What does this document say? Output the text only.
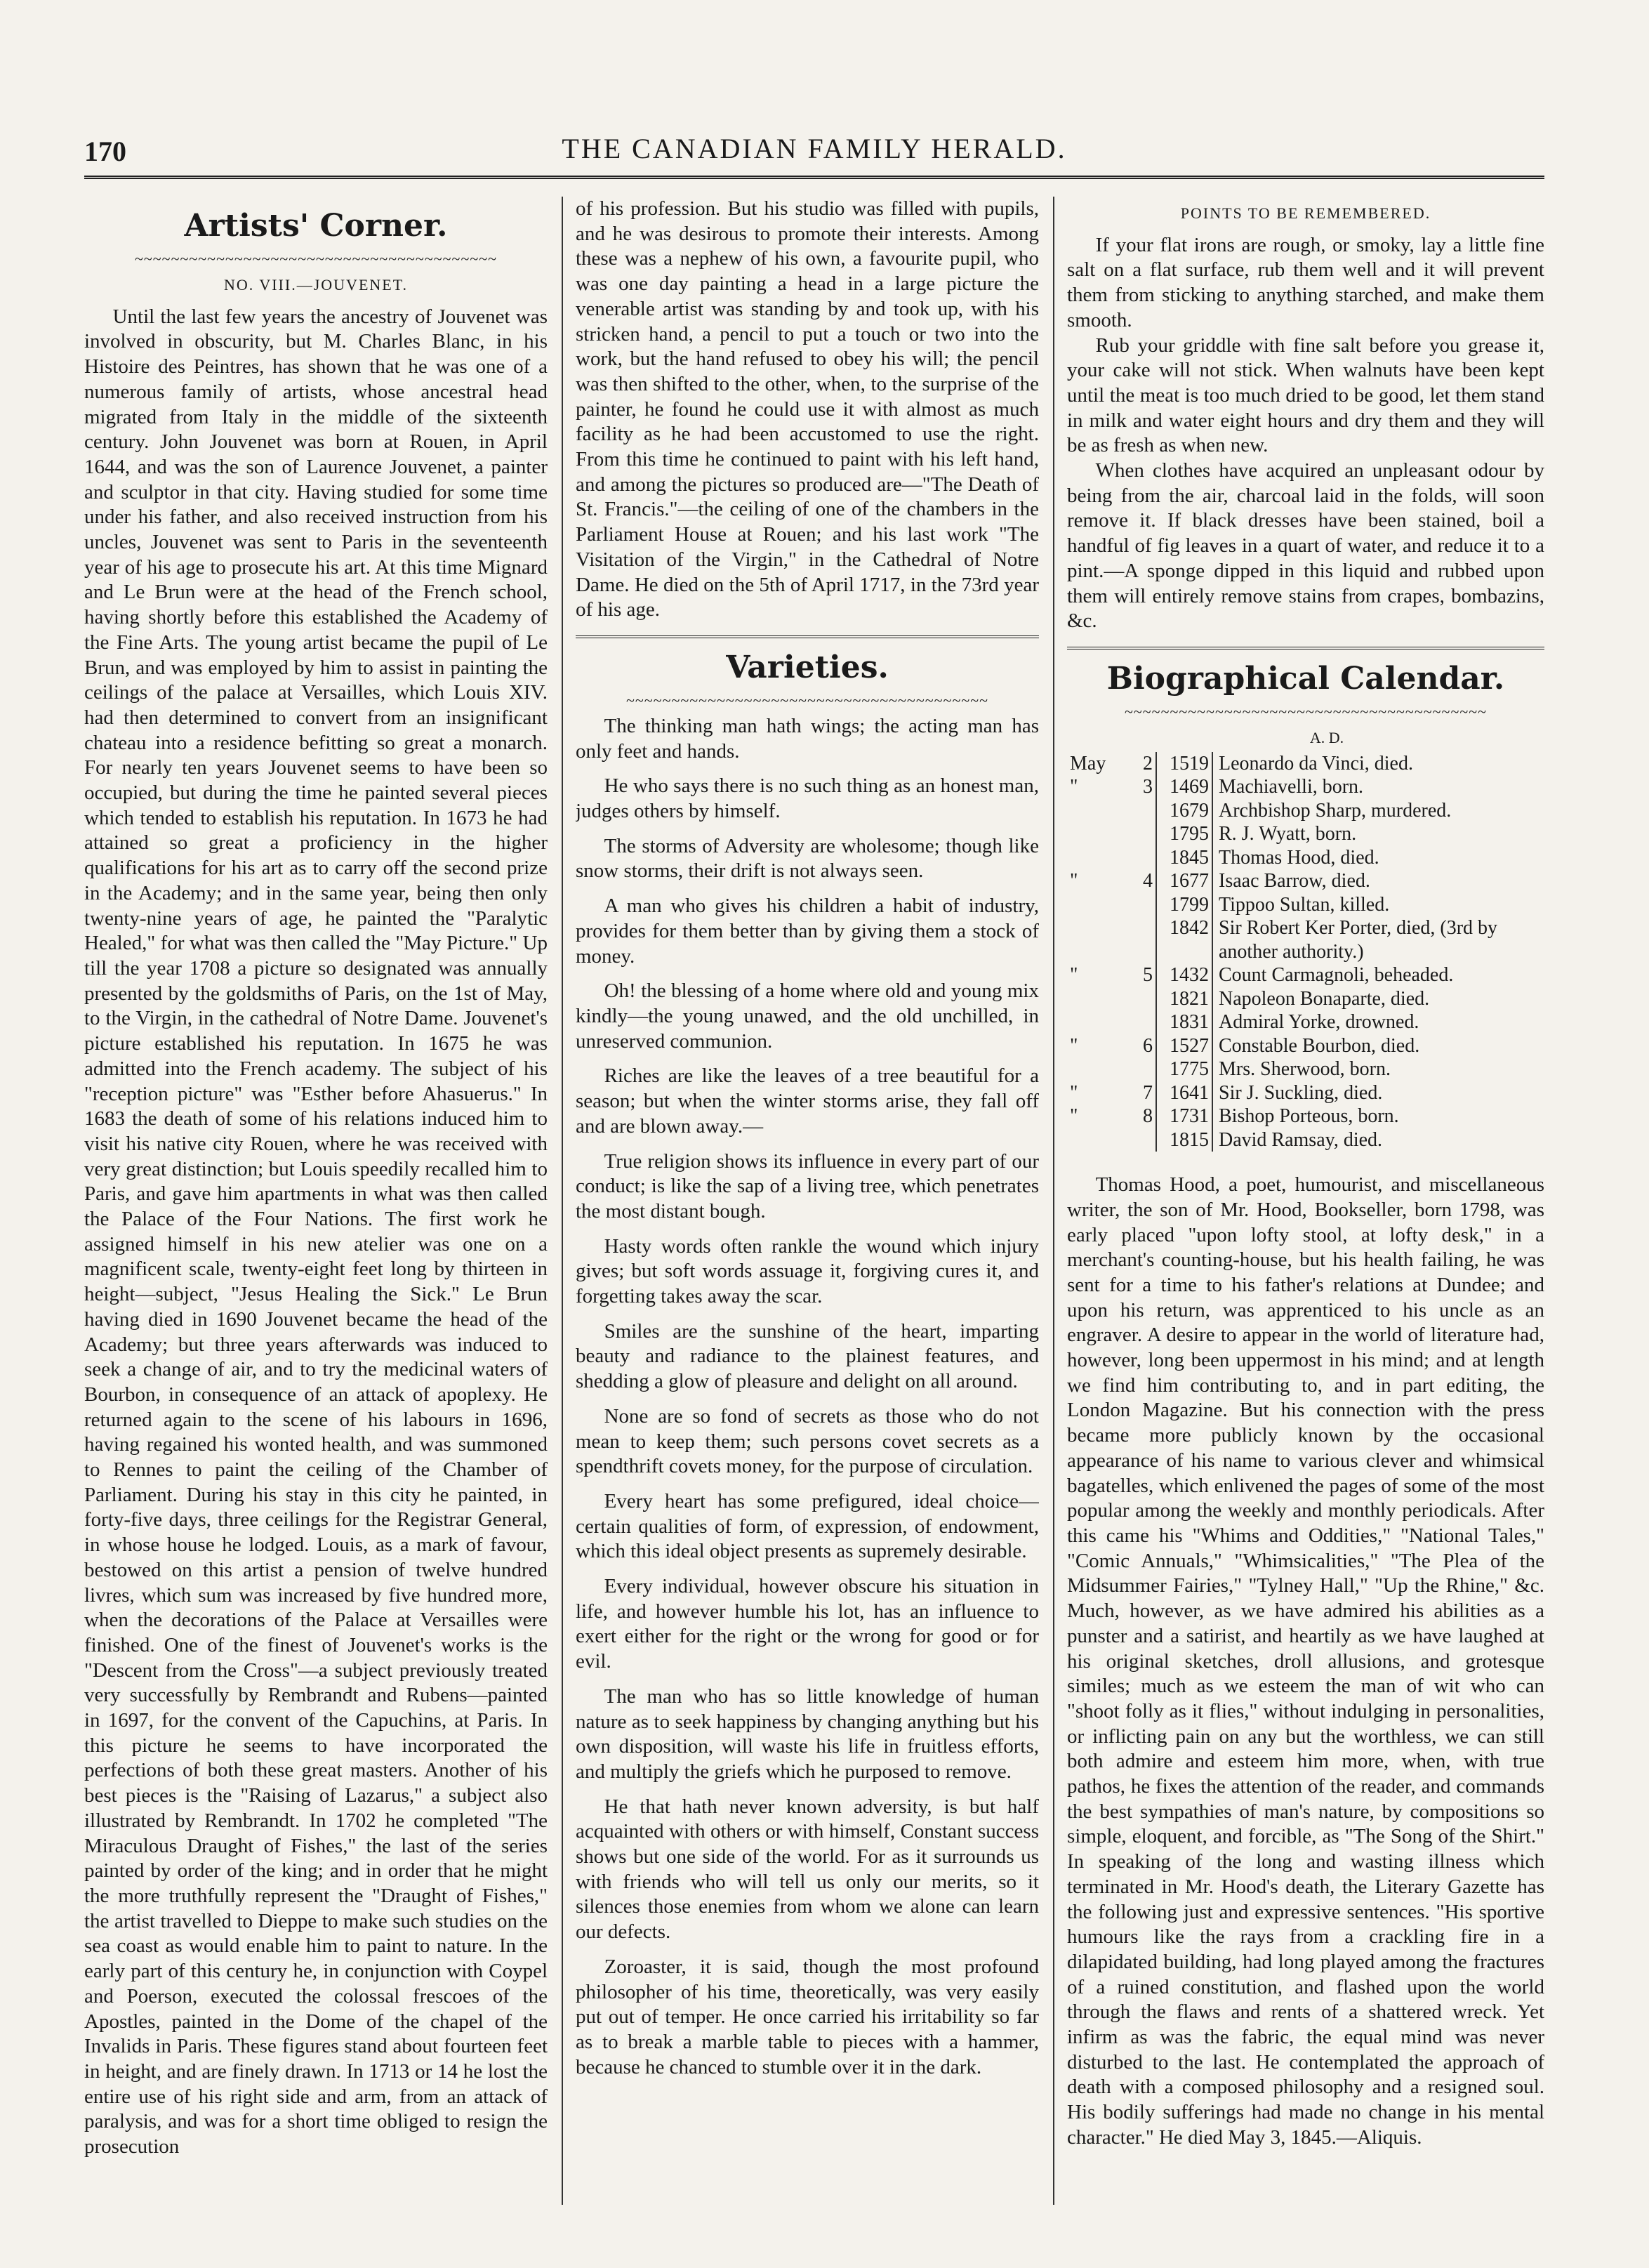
170	THE CANADIAN FAMILY HERALD.
Artists' Corner.
~~~~~~~~~~~~~~~~~~~~~~~~~~~~~~~~~~~~~~~~
NO. VIII.—JOUVENET.

Until the last few years the ancestry of Jouvenet was involved in obscurity, but M. Charles Blanc, in his Histoire des Peintres, has shown that he was one of a numerous family of artists, whose ancestral head migrated from Italy in the middle of the sixteenth century. John Jouvenet was born at Rouen, in April 1644, and was the son of Laurence Jouvenet, a painter and sculptor in that city. Having studied for some time under his father, and also received instruction from his uncles, Jouvenet was sent to Paris in the seventeenth year of his age to prosecute his art. At this time Mignard and Le Brun were at the head of the French school, having shortly before this established the Academy of the Fine Arts. The young artist became the pupil of Le Brun, and was employed by him to assist in painting the ceilings of the palace at Versailles, which Louis XIV. had then determined to convert from an insignificant chateau into a residence befitting so great a monarch. For nearly ten years Jouvenet seems to have been so occupied, but during the time he painted several pieces which tended to establish his reputation. In 1673 he had attained so great a proficiency in the higher qualifications for his art as to carry off the second prize in the Academy; and in the same year, being then only twenty-nine years of age, he painted the "Paralytic Healed," for what was then called the "May Picture." Up till the year 1708 a picture so designated was annually presented by the goldsmiths of Paris, on the 1st of May, to the Virgin, in the cathedral of Notre Dame. Jouvenet's picture established his reputation. In 1675 he was admitted into the French academy. The subject of his "reception picture" was "Esther before Ahasuerus." In 1683 the death of some of his relations induced him to visit his native city Rouen, where he was received with very great distinction; but Louis speedily recalled him to Paris, and gave him apartments in what was then called the Palace of the Four Nations. The first work he assigned himself in his new atelier was one on a magnificent scale, twenty-eight feet long by thirteen in height—subject, "Jesus Healing the Sick." Le Brun having died in 1690 Jouvenet became the head of the Academy; but three years afterwards was induced to seek a change of air, and to try the medicinal waters of Bourbon, in consequence of an attack of apoplexy. He returned again to the scene of his labours in 1696, having regained his wonted health, and was summoned to Rennes to paint the ceiling of the Chamber of Parliament. During his stay in this city he painted, in forty-five days, three ceilings for the Registrar General, in whose house he lodged. Louis, as a mark of favour, bestowed on this artist a pension of twelve hundred livres, which sum was increased by five hundred more, when the decorations of the Palace at Versailles were finished. One of the finest of Jouvenet's works is the "Descent from the Cross"—a subject previously treated very successfully by Rembrandt and Rubens—painted in 1697, for the convent of the Capuchins, at Paris. In this picture he seems to have incorporated the perfections of both these great masters. Another of his best pieces is the "Raising of Lazarus," a subject also illustrated by Rembrandt. In 1702 he completed "The Miraculous Draught of Fishes," the last of the series painted by order of the king; and in order that he might the more truthfully represent the "Draught of Fishes," the artist travelled to Dieppe to make such studies on the sea coast as would enable him to paint to nature. In the early part of this century he, in conjunction with Coypel and Poerson, executed the colossal frescoes of the Apostles, painted in the Dome of the chapel of the Invalids in Paris. These figures stand about fourteen feet in height, and are finely drawn. In 1713 or 14 he lost the entire use of his right side and arm, from an attack of paralysis, and was for a short time obliged to resign the prosecution

of his profession. But his studio was filled with pupils, and he was desirous to promote their interests. Among these was a nephew of his own, a favourite pupil, who was one day painting a head in a large picture the venerable artist was standing by and took up, with his stricken hand, a pencil to put a touch or two into the work, but the hand refused to obey his will; the pencil was then shifted to the other, when, to the surprise of the painter, he found he could use it with almost as much facility as he had been accustomed to use the right. From this time he continued to paint with his left hand, and among the pictures so produced are—"The Death of St. Francis."—the ceiling of one of the chambers in the Parliament House at Rouen; and his last work "The Visitation of the Virgin," in the Cathedral of Notre Dame. He died on the 5th of April 1717, in the 73rd year of his age.

Varieties.
~~~~~~~~~~~~~~~~~~~~~~~~~~~~~~~~~~~~~~~~

The thinking man hath wings; the acting man has only feet and hands.

He who says there is no such thing as an honest man, judges others by himself.

The storms of Adversity are wholesome; though like snow storms, their drift is not always seen.

A man who gives his children a habit of industry, provides for them better than by giving them a stock of money.

Oh! the blessing of a home where old and young mix kindly—the young unawed, and the old unchilled, in unreserved communion.

Riches are like the leaves of a tree beautiful for a season; but when the winter storms arise, they fall off and are blown away.—

True religion shows its influence in every part of our conduct; is like the sap of a living tree, which penetrates the most distant bough.

Hasty words often rankle the wound which injury gives; but soft words assuage it, forgiving cures it, and forgetting takes away the scar.

Smiles are the sunshine of the heart, imparting beauty and radiance to the plainest features, and shedding a glow of pleasure and delight on all around.

None are so fond of secrets as those who do not mean to keep them; such persons covet secrets as a spendthrift covets money, for the purpose of circulation.

Every heart has some prefigured, ideal choice—certain qualities of form, of expression, of endowment, which this ideal object presents as supremely desirable.

Every individual, however obscure his situation in life, and however humble his lot, has an influence to exert either for the right or the wrong for good or for evil.

The man who has so little knowledge of human nature as to seek happiness by changing anything but his own disposition, will waste his life in fruitless efforts, and multiply the griefs which he purposed to remove.

He that hath never known adversity, is but half acquainted with others or with himself, Constant success shows but one side of the world. For as it surrounds us with friends who will tell us only our merits, so it silences those enemies from whom we alone can learn our defects.

Zoroaster, it is said, though the most profound philosopher of his time, theoretically, was very easily put out of temper. He once carried his irritability so far as to break a marble table to pieces with a hammer, because he chanced to stumble over it in the dark.

POINTS TO BE REMEMBERED.

If your flat irons are rough, or smoky, lay a little fine salt on a flat surface, rub them well and it will prevent them from sticking to anything starched, and make them smooth.

Rub your griddle with fine salt before you grease it, your cake will not stick. When walnuts have been kept until the meat is too much dried to be good, let them stand in milk and water eight hours and dry them and they will be as fresh as when new.

When clothes have acquired an unpleasant odour by being from the air, charcoal laid in the folds, will soon remove it. If black dresses have been stained, boil a handful of fig leaves in a quart of water, and reduce it to a pint.—A sponge dipped in this liquid and rubbed upon them will entirely remove stains from crapes, bombazins, &c.

Biographical Calendar.
~~~~~~~~~~~~~~~~~~~~~~~~~~~~~~~~~~~~~~~~
A. D.
May	2	1519	Leonardo da Vinci, died.
"	3	1469	Machiavelli, born.
		1679	Archbishop Sharp, murdered.
		1795	R. J. Wyatt, born.
		1845	Thomas Hood, died.
"	4	1677	Isaac Barrow, died.
		1799	Tippoo Sultan, killed.
		1842	Sir Robert Ker Porter, died, (3rd by another authority.)
"	5	1432	Count Carmagnoli, beheaded.
		1821	Napoleon Bonaparte, died.
		1831	Admiral Yorke, drowned.
"	6	1527	Constable Bourbon, died.
		1775	Mrs. Sherwood, born.
"	7	1641	Sir J. Suckling, died.
"	8	1731	Bishop Porteous, born.
		1815	David Ramsay, died.

Thomas Hood, a poet, humourist, and miscellaneous writer, the son of Mr. Hood, Bookseller, born 1798, was early placed "upon lofty stool, at lofty desk," in a merchant's counting-house, but his health failing, he was sent for a time to his father's relations at Dundee; and upon his return, was apprenticed to his uncle as an engraver. A desire to appear in the world of literature had, however, long been uppermost in his mind; and at length we find him contributing to, and in part editing, the London Magazine. But his connection with the press became more publicly known by the occasional appearance of his name to various clever and whimsical bagatelles, which enlivened the pages of some of the most popular among the weekly and monthly periodicals. After this came his "Whims and Oddities," "National Tales," "Comic Annuals," "Whimsicalities," "The Plea of the Midsummer Fairies," "Tylney Hall," "Up the Rhine," &c. Much, however, as we have admired his abilities as a punster and a satirist, and heartily as we have laughed at his original sketches, droll allusions, and grotesque similes; much as we esteem the man of wit who can "shoot folly as it flies," without indulging in personalities, or inflicting pain on any but the worthless, we can still both admire and esteem him more, when, with true pathos, he fixes the attention of the reader, and commands the best sympathies of man's nature, by compositions so simple, eloquent, and forcible, as "The Song of the Shirt." In speaking of the long and wasting illness which terminated in Mr. Hood's death, the Literary Gazette has the following just and expressive sentences. "His sportive humours like the rays from a crackling fire in a dilapidated building, had long played among the fractures of a ruined constitution, and flashed upon the world through the flaws and rents of a shattered wreck. Yet infirm as was the fabric, the equal mind was never disturbed to the last. He contemplated the approach of death with a composed philosophy and a resigned soul. His bodily sufferings had made no change in his mental character." He died May 3, 1845.—Aliquis.
